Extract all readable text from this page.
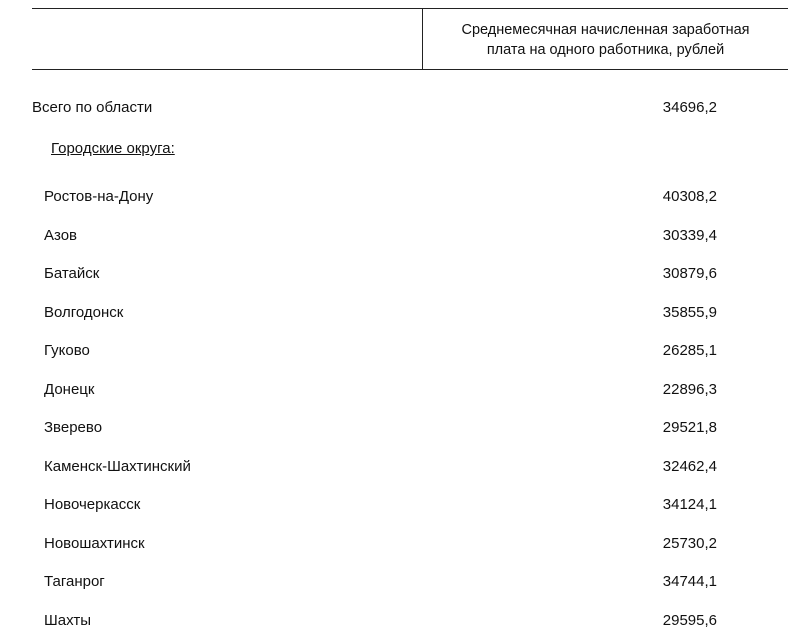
Среднемесячная начисленная заработная
плата на одного работника, рублей
Всего по области	34696,2
Городские округа:
Ростов-на-Дону	40308,2
Азов	30339,4
Батайск	30879,6
Волгодонск	35855,9
Гуково	26285,1
Донецк	22896,3
Зверево	29521,8
Каменск-Шахтинский	32462,4
Новочеркасск	34124,1
Новошахтинск	25730,2
Таганрог	34744,1
Шахты	29595,6
